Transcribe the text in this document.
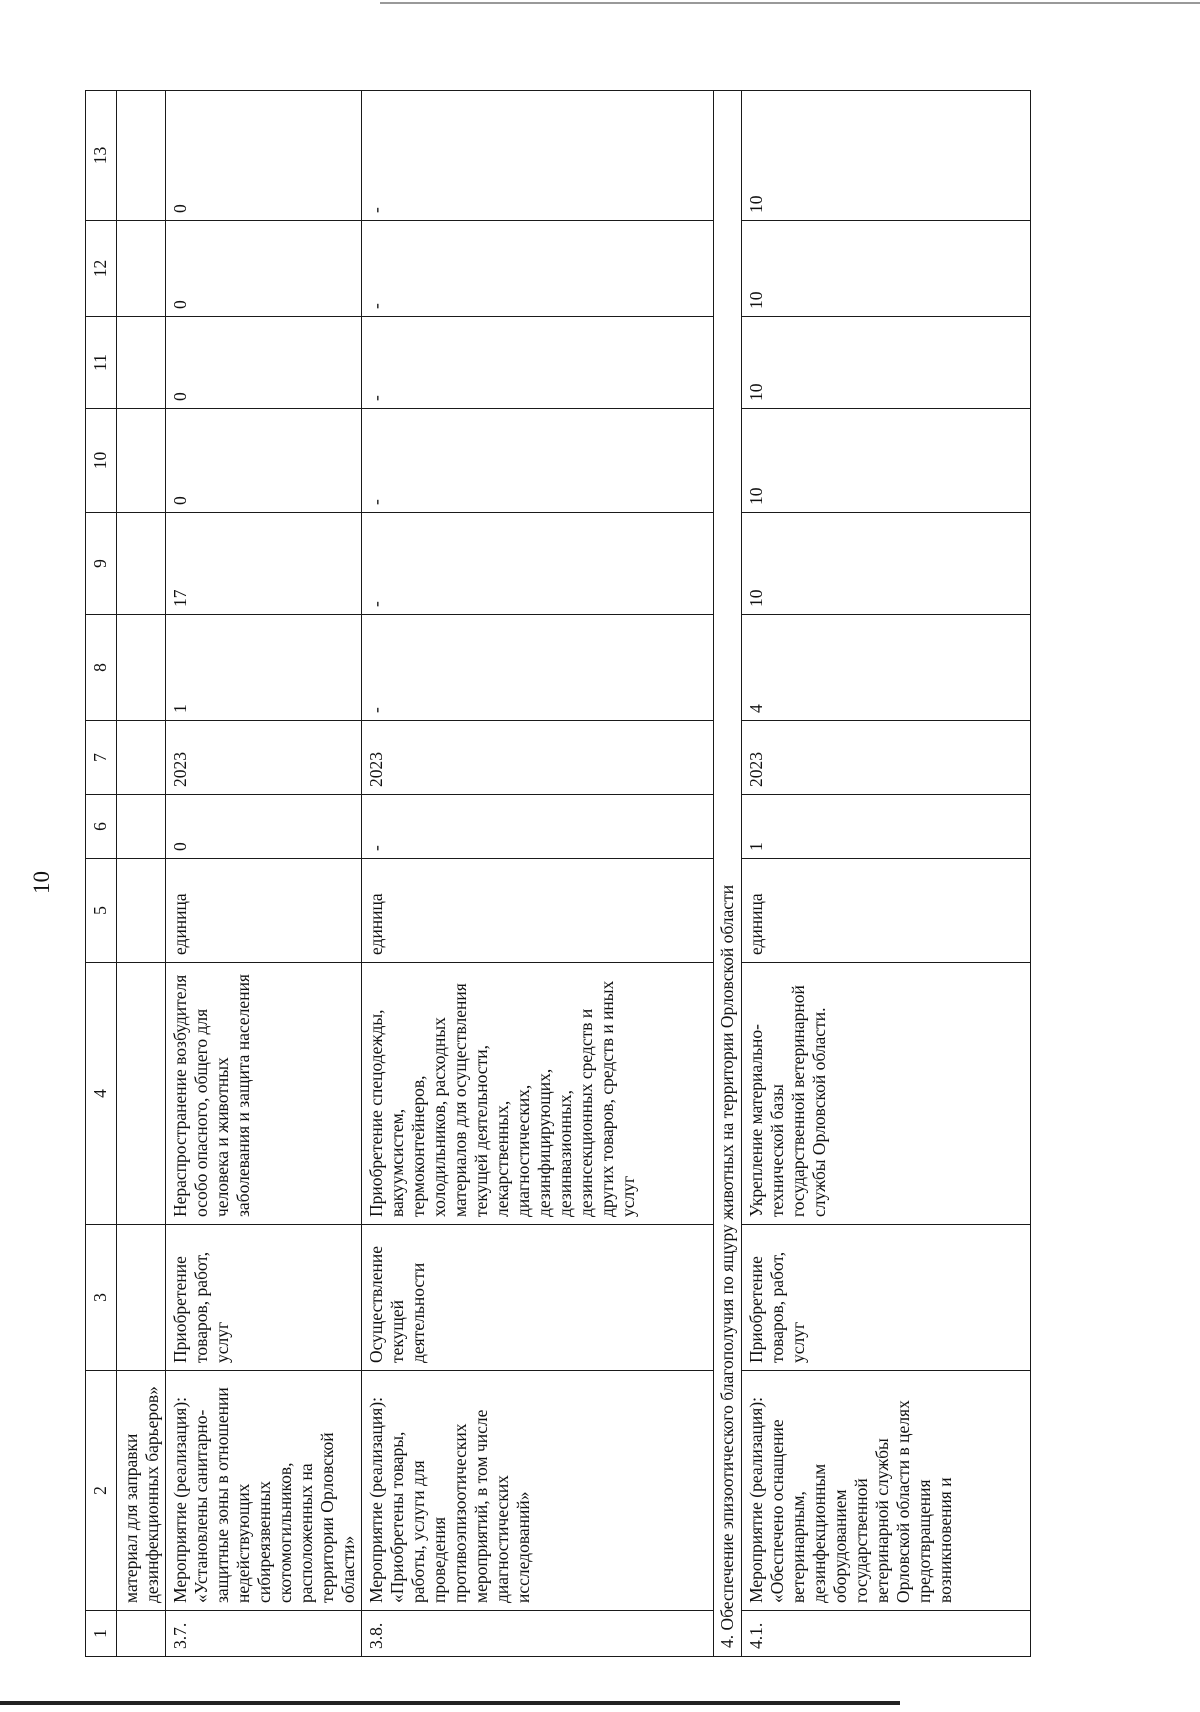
10
1	2	3	4	5	6	7	8	9	10	11	12	13
	материал для заправки дезинфекционных барьеров»											
3.7.	Мероприятие (реализация): «Установлены санитарно-защитные зоны в отношении недействующих сибиреязвенных скотомогильников, расположенных на территории Орловской области»	Приобретение товаров, работ, услуг	Нераспространение возбудителя особо опасного, общего для человека и животных заболевания и защита населения	единица	0	2023	1	17	0	0	0	0
3.8.	Мероприятие (реализация): «Приобретены товары, работы, услуги для проведения противоэпизоотических мероприятий, в том числе диагностических исследований»	Осуществление текущей деятельности	Приобретение спецодежды, вакуумсистем, термоконтейнеров, холодильников, расходных материалов для осуществления текущей деятельности, лекарственных, диагностических, дезинфицирующих, дезинвазионных, дезинсекционных средств и других товаров, средств и иных услуг	единица	-	2023	-	-	-	-	-	-
4. Обеспечение эпизоотического благополучия по ящуру животных на территории Орловской области												
4.1.	Мероприятие (реализация): «Обеспечено оснащение ветеринарным, дезинфекционным оборудованием государственной ветеринарной службы Орловской области в целях предотвращения возникновения и	Приобретение товаров, работ, услуг	Укрепление материально-технической базы государственной ветеринарной службы Орловской области.	единица	1	2023	4	10	10	10	10	10
